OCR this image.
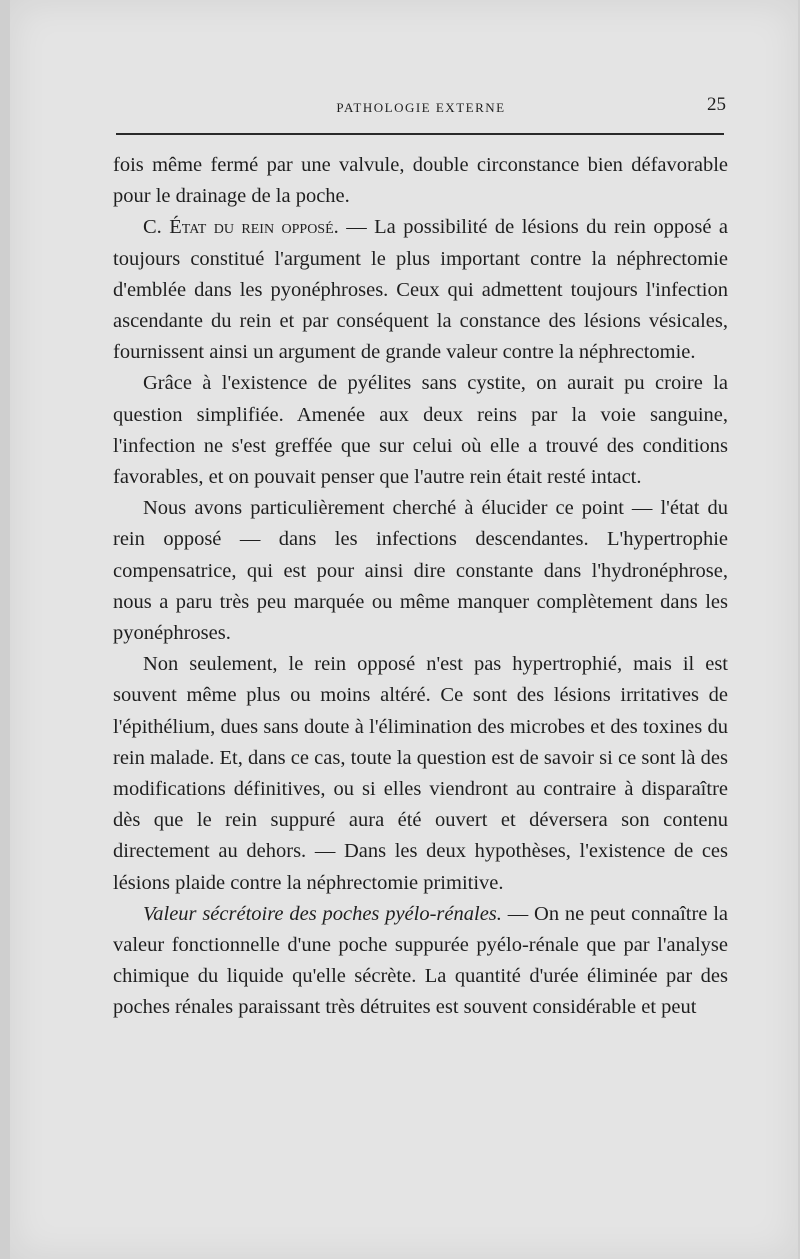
PATHOLOGIE EXTERNE	25

fois même fermé par une valvule, double circonstance bien défavorable pour le drainage de la poche.

C. État du rein opposé. — La possibilité de lésions du rein opposé a toujours constitué l'argument le plus important contre la néphrectomie d'emblée dans les pyonéphroses. Ceux qui admettent toujours l'infection ascendante du rein et par conséquent la constance des lésions vésicales, fournissent ainsi un argument de grande valeur contre la néphrectomie.

Grâce à l'existence de pyélites sans cystite, on aurait pu croire la question simplifiée. Amenée aux deux reins par la voie sanguine, l'infection ne s'est greffée que sur celui où elle a trouvé des conditions favorables, et on pouvait penser que l'autre rein était resté intact.

Nous avons particulièrement cherché à élucider ce point — l'état du rein opposé — dans les infections descendantes. L'hypertrophie compensatrice, qui est pour ainsi dire constante dans l'hydronéphrose, nous a paru très peu marquée ou même manquer complètement dans les pyonéphroses.

Non seulement, le rein opposé n'est pas hypertrophié, mais il est souvent même plus ou moins altéré. Ce sont des lésions irritatives de l'épithélium, dues sans doute à l'élimination des microbes et des toxines du rein malade. Et, dans ce cas, toute la question est de savoir si ce sont là des modifications définitives, ou si elles viendront au contraire à disparaître dès que le rein suppuré aura été ouvert et déversera son contenu directement au dehors. — Dans les deux hypothèses, l'existence de ces lésions plaide contre la néphrectomie primitive.

Valeur sécrétoire des poches pyélo-rénales. — On ne peut connaître la valeur fonctionnelle d'une poche suppurée pyélo-rénale que par l'analyse chimique du liquide qu'elle sécrète. La quantité d'urée éliminée par des poches rénales paraissant très détruites est souvent considérable et peut
